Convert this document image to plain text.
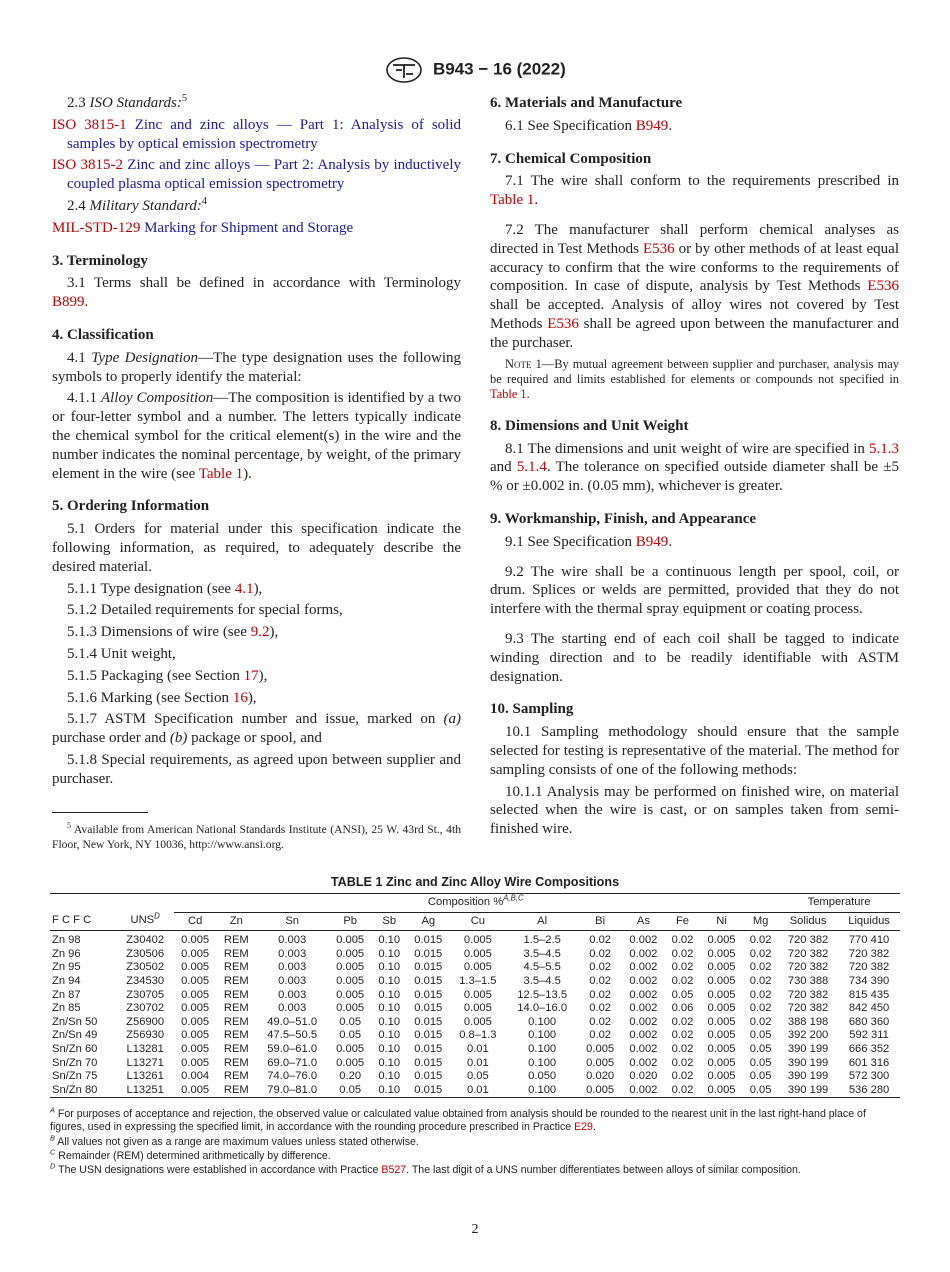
B943 − 16 (2022)
2.3 ISO Standards:$^5$
ISO 3815-1 Zinc and zinc alloys — Part 1: Analysis of solid samples by optical emission spectrometry
ISO 3815-2 Zinc and zinc alloys — Part 2: Analysis by inductively coupled plasma optical emission spectrometry
2.4 Military Standard:$^4$
MIL-STD-129 Marking for Shipment and Storage
3. Terminology
3.1 Terms shall be defined in accordance with Terminology B899.
4. Classification
4.1 Type Designation—The type designation uses the following symbols to properly identify the material:
4.1.1 Alloy Composition—The composition is identified by a two or four-letter symbol and a number. The letters typically indicate the chemical symbol for the critical element(s) in the wire and the number indicates the nominal percentage, by weight, of the primary element in the wire (see Table 1).
5. Ordering Information
5.1 Orders for material under this specification indicate the following information, as required, to adequately describe the desired material.
5.1.1 Type designation (see 4.1),
5.1.2 Detailed requirements for special forms,
5.1.3 Dimensions of wire (see 9.2),
5.1.4 Unit weight,
5.1.5 Packaging (see Section 17),
5.1.6 Marking (see Section 16),
5.1.7 ASTM Specification number and issue, marked on (a) purchase order and (b) package or spool, and
5.1.8 Special requirements, as agreed upon between supplier and purchaser.
$^5$ Available from American National Standards Institute (ANSI), 25 W. 43rd St., 4th Floor, New York, NY 10036, http://www.ansi.org.
6. Materials and Manufacture
6.1 See Specification B949.
7. Chemical Composition
7.1 The wire shall conform to the requirements prescribed in Table 1.
7.2 The manufacturer shall perform chemical analyses as directed in Test Methods E536 or by other methods of at least equal accuracy to confirm that the wire conforms to the requirements of composition. In case of dispute, analysis by Test Methods E536 shall be accepted. Analysis of alloy wires not covered by Test Methods E536 shall be agreed upon between the manufacturer and the purchaser.
Note 1—By mutual agreement between supplier and purchaser, analysis may be required and limits established for elements or compounds not specified in Table 1.
8. Dimensions and Unit Weight
8.1 The dimensions and unit weight of wire are specified in 5.1.3 and 5.1.4. The tolerance on specified outside diameter shall be ±5 % or ±0.002 in. (0.05 mm), whichever is greater.
9. Workmanship, Finish, and Appearance
9.1 See Specification B949.
9.2 The wire shall be a continuous length per spool, coil, or drum. Splices or welds are permitted, provided that they do not interfere with the thermal spray equipment or coating process.
9.3 The starting end of each coil shall be tagged to indicate winding direction and to be readily identifiable with ASTM designation.
10. Sampling
10.1 Sampling methodology should ensure that the sample selected for testing is representative of the material. The method for sampling consists of one of the following methods:
10.1.1 Analysis may be performed on finished wire, on material selected when the wire is cast, or on samples taken from semi-finished wire.
TABLE 1 Zinc and Zinc Alloy Wire Compositions
		Composition %$^{A,B,C}$													Temperature	
F C F C	$UNS^D$	Cd	Zn	Sn	Pb	Sb	Ag	Cu	Al	Bi	As	Fe	Ni	Mg	Solidus	Liquidus
Zn 98	Z30402	0.005	REM	0.003	0.005	0.10	0.015	0.005	1.5–2.5	0.02	0.002	0.02	0.005	0.02	720 382	770 410
Zn 96	Z30506	0.005	REM	0.003	0.005	0.10	0.015	0.005	3.5–4.5	0.02	0.002	0.02	0.005	0.02	720 382	720 382
Zn 95	Z30502	0.005	REM	0.003	0.005	0.10	0.015	0.005	4.5–5.5	0.02	0.002	0.02	0.005	0.02	720 382	720 382
Zn 94	Z34530	0.005	REM	0.003	0.005	0.10	0.015	1.3–1.5	3.5–4.5	0.02	0.002	0.02	0.005	0.02	730 388	734 390
Zn 87	Z30705	0.005	REM	0.003	0.005	0.10	0.015	0.005	12.5–13.5	0.02	0.002	0.05	0.005	0.02	720 382	815 435
Zn 85	Z30702	0.005	REM	0.003	0.005	0.10	0.015	0.005	14.0–16.0	0.02	0.002	0.06	0.005	0.02	720 382	842 450
Zn/Sn 50	Z56900	0.005	REM	49.0–51.0	0.05	0.10	0.015	0.005	0.100	0.02	0.002	0.02	0.005	0.02	388 198	680 360
Zn/Sn 49	Z56930	0.005	REM	47.5–50.5	0.05	0.10	0.015	0.8–1.3	0.100	0.02	0.002	0.02	0.005	0.05	392 200	592 311
Sn/Zn 60	L13281	0.005	REM	59.0–61.0	0.005	0.10	0.015	0.01	0.100	0.005	0.002	0.02	0.005	0.05	390 199	666 352
Sn/Zn 70	L13271	0.005	REM	69.0–71.0	0.005	0.10	0.015	0.01	0.100	0.005	0.002	0.02	0.005	0.05	390 199	601 316
Sn/Zn 75	L13261	0.004	REM	74.0–76.0	0.20	0.10	0.015	0.05	0.050	0.020	0.020	0.02	0.005	0.05	390 199	572 300
Sn/Zn 80	L13251	0.005	REM	79.0–81.0	0.05	0.10	0.015	0.01	0.100	0.005	0.002	0.02	0.005	0.05	390 199	536 280
$^A$ For purposes of acceptance and rejection, the observed value or calculated value obtained from analysis should be rounded to the nearest unit in the last right-hand place of figures, used in expressing the specified limit, in accordance with the rounding procedure prescribed in Practice E29.
$^B$ All values not given as a range are maximum values unless stated otherwise.
$^C$ Remainder (REM) determined arithmetically by difference.
$^D$ The USN designations were established in accordance with Practice B527. The last digit of a UNS number differentiates between alloys of similar composition.
2
